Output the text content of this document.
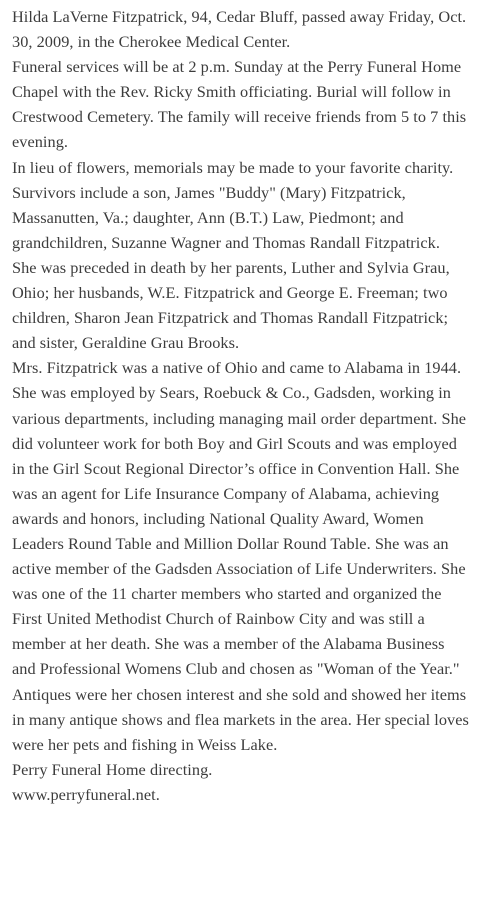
Hilda LaVerne Fitzpatrick, 94, Cedar Bluff, passed away Friday, Oct. 30, 2009, in the Cherokee Medical Center.

Funeral services will be at 2 p.m. Sunday at the Perry Funeral Home Chapel with the Rev. Ricky Smith officiating. Burial will follow in Crestwood Cemetery. The family will receive friends from 5 to 7 this evening.

In lieu of flowers, memorials may be made to your favorite charity.

Survivors include a son, James "Buddy" (Mary) Fitzpatrick, Massanutten, Va.; daughter, Ann (B.T.) Law, Piedmont; and grandchildren, Suzanne Wagner and Thomas Randall Fitzpatrick.

She was preceded in death by her parents, Luther and Sylvia Grau, Ohio; her husbands, W.E. Fitzpatrick and George E. Freeman; two children, Sharon Jean Fitzpatrick and Thomas Randall Fitzpatrick; and sister, Geraldine Grau Brooks.

Mrs. Fitzpatrick was a native of Ohio and came to Alabama in 1944. She was employed by Sears, Roebuck & Co., Gadsden, working in various departments, including managing mail order department. She did volunteer work for both Boy and Girl Scouts and was employed in the Girl Scout Regional Director’s office in Convention Hall. She was an agent for Life Insurance Company of Alabama, achieving awards and honors, including National Quality Award, Women Leaders Round Table and Million Dollar Round Table. She was an active member of the Gadsden Association of Life Underwriters. She was one of the 11 charter members who started and organized the First United Methodist Church of Rainbow City and was still a member at her death. She was a member of the Alabama Business and Professional Womens Club and chosen as "Woman of the Year." Antiques were her chosen interest and she sold and showed her items in many antique shows and flea markets in the area. Her special loves were her pets and fishing in Weiss Lake.

Perry Funeral Home directing.

www.perryfuneral.net.
